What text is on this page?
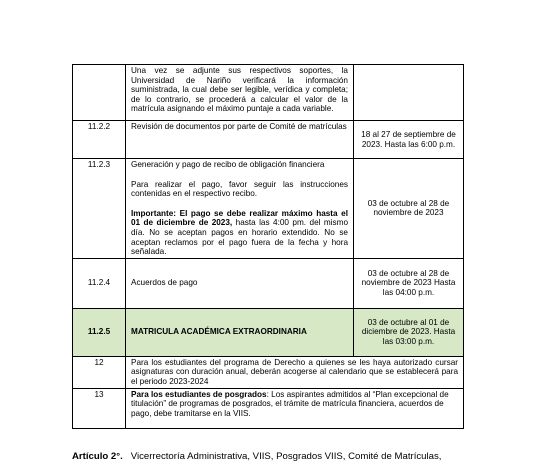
	Una vez se adjunte sus respectivos soportes, la Universidad de Nariño verificará la información suministrada, la cual debe ser legible, verídica y completa; de lo contrario, se procederá a calcular el valor de la matrícula asignando el máximo puntaje a cada variable.	
11.2.2	Revisión de documentos por parte de Comité de matrículas	18 al 27 de septiembre de 2023. Hasta las 6:00 p.m.
11.2.3	Generación y pago de recibo de obligación financiera

Para realizar el pago, favor seguir las instrucciones contenidas en el respectivo recibo.

Importante: El pago se debe realizar máximo hasta el 01 de diciembre de 2023, hasta las 4:00 pm. del mismo día. No se aceptan pagos en horario extendido. No se aceptan reclamos por el pago fuera de la fecha y hora señalada.	03 de octubre al 28 de noviembre de 2023
11.2.4	Acuerdos de pago	03 de octubre al 28 de noviembre de 2023 Hasta las 04:00 p.m.
11.2.5	MATRICULA ACADÉMICA EXTRAORDINARIA	03 de octubre al 01 de diciembre de 2023. Hasta las 03:00 p.m.
12	Para los estudiantes del programa de Derecho a quienes se les haya autorizado cursar asignaturas con duración anual, deberán acogerse al calendario que se establecerá para el periodo 2023-2024	
13	Para los estudiantes de posgrados: Los aspirantes admitidos al “Plan excepcional de titulación” de programas de posgrados, el trámite de matrícula financiera, acuerdos de pago, debe tramitarse en la VIIS.	
Artículo 2°. Vicerrectoría Administrativa, VIIS, Posgrados VIIS, Comité de Matrículas,
